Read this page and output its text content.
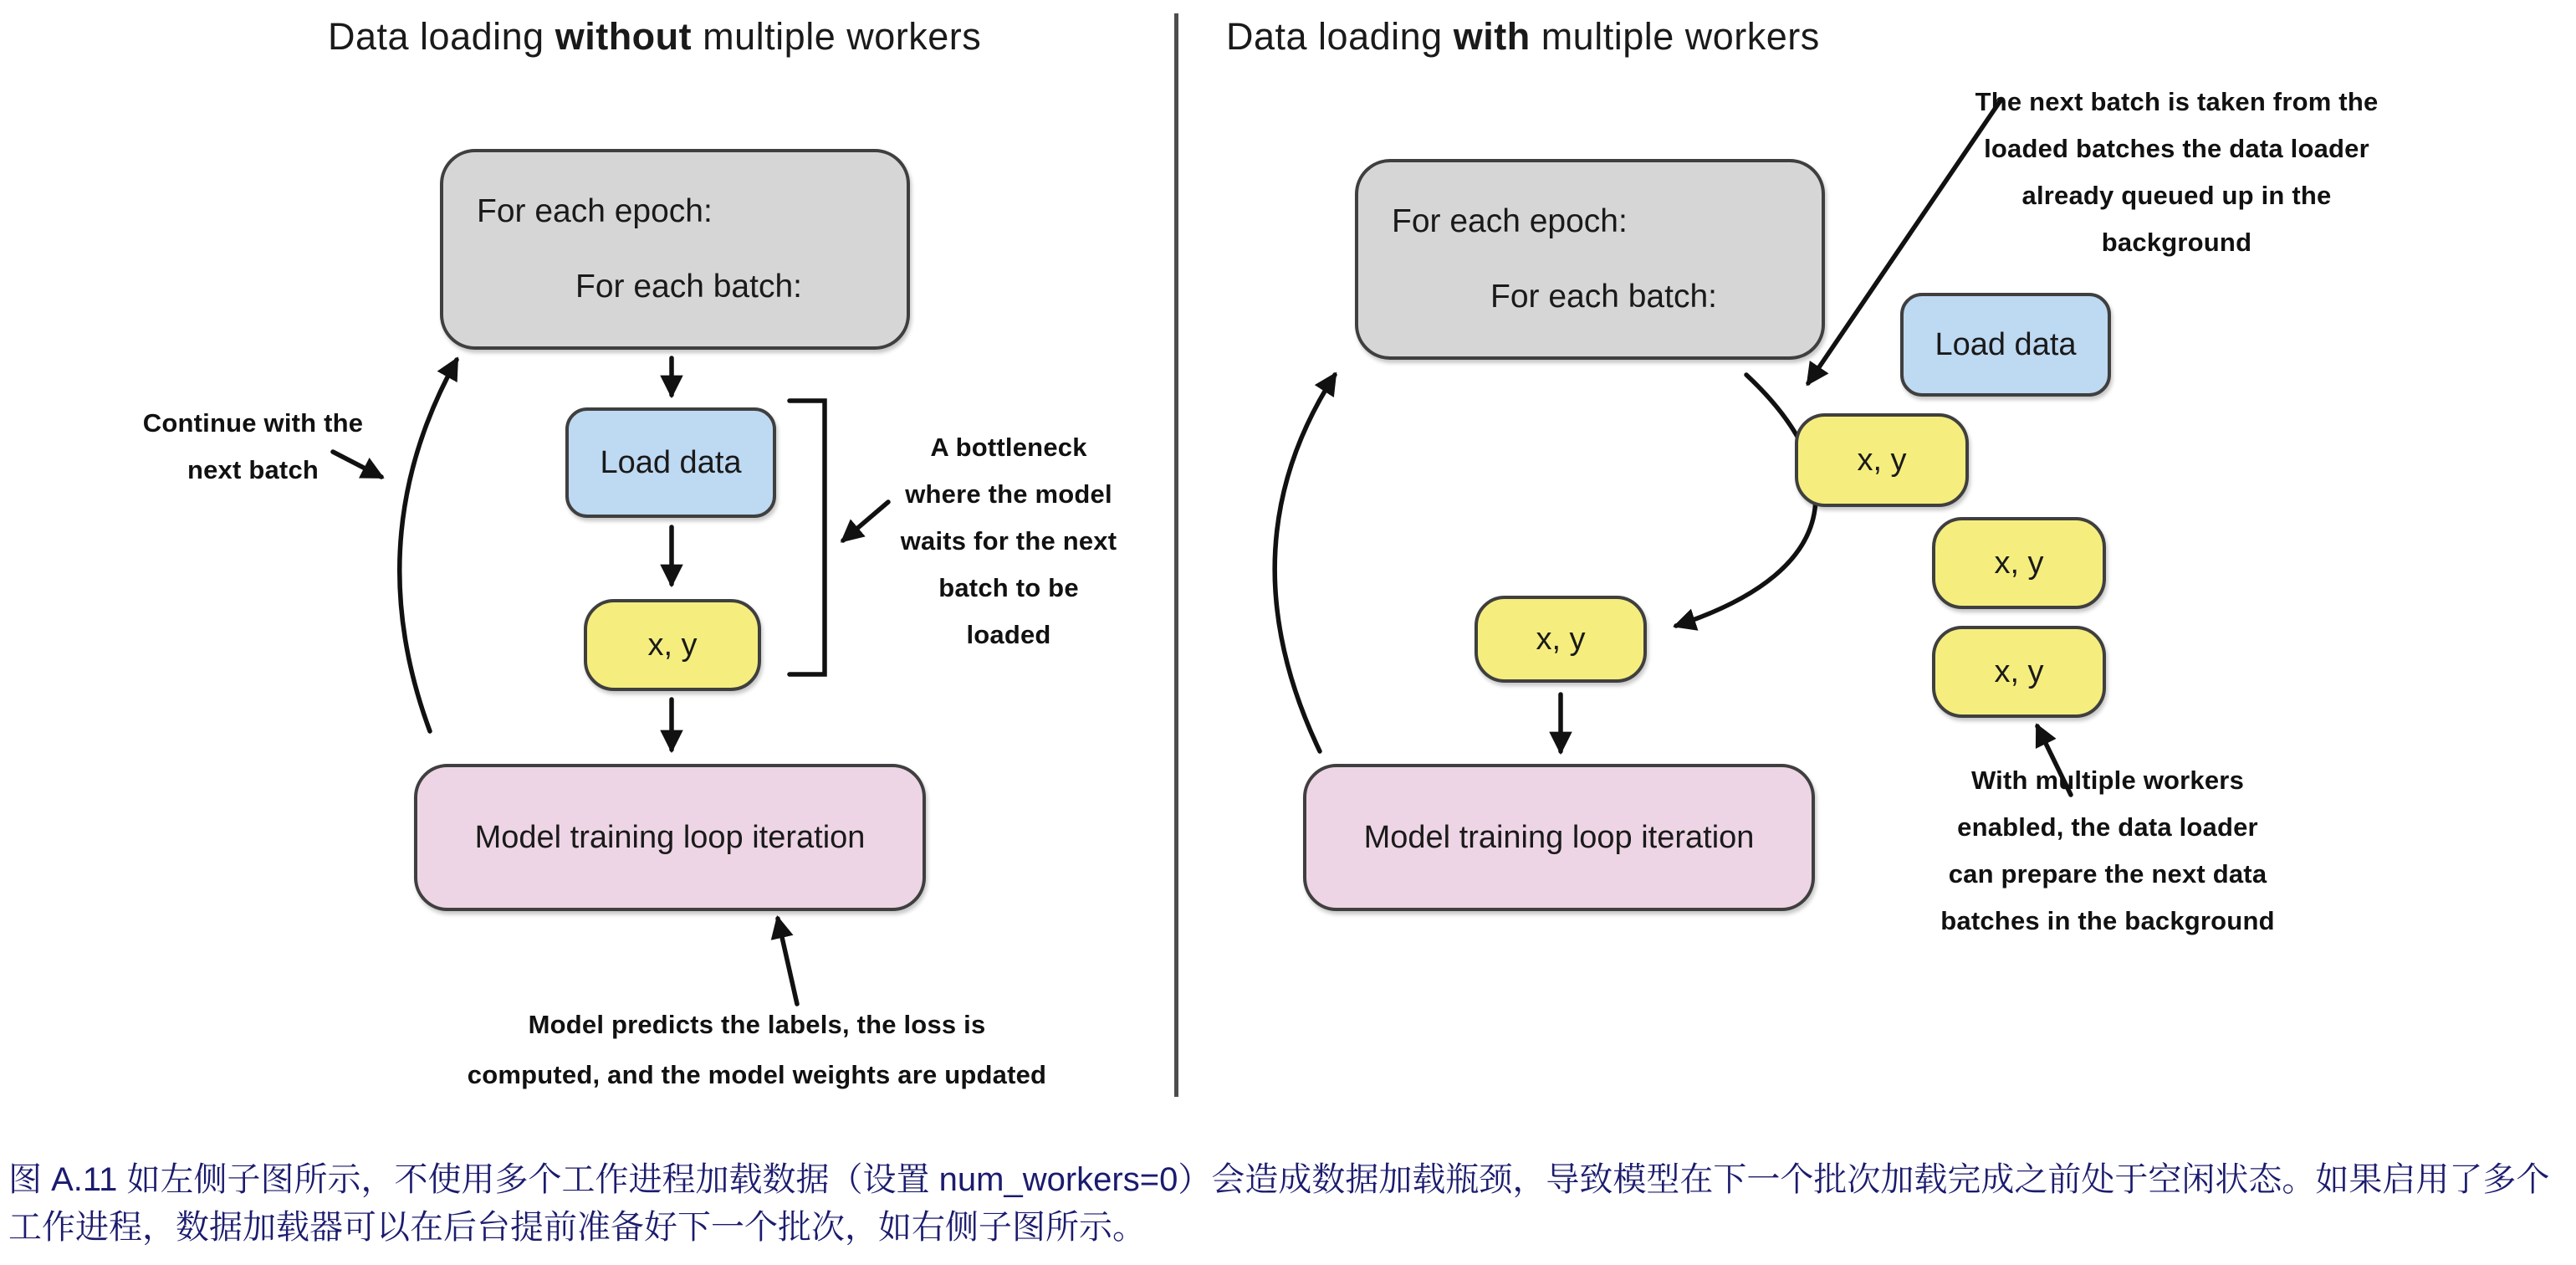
Data loading without multiple workers
For each epoch:
For each batch:
Load data
x, y
Model training loop iteration
Continue with the
next batch
A bottleneck
where the model
waits for the next
batch to be
loaded
Model predicts the labels, the loss is
computed, and the model weights are updated
Data loading with multiple workers
The next batch is taken from the
loaded batches the data loader
already queued up in the
background
For each epoch:
For each batch:
Load data
x, y
x, y
x, y
x, y
Model training loop iteration
With multiple workers
enabled, the data loader
can prepare the next data
batches in the background
图 A.11 如左侧子图所示，不使用多个工作进程加载数据（设置 num_workers=0）会造成数据加载瓶颈，导致模型在下一个批次加载完成之前处于空闲状态。如果启用了多个
工作进程，数据加载器可以在后台提前准备好下一个批次，如右侧子图所示。
